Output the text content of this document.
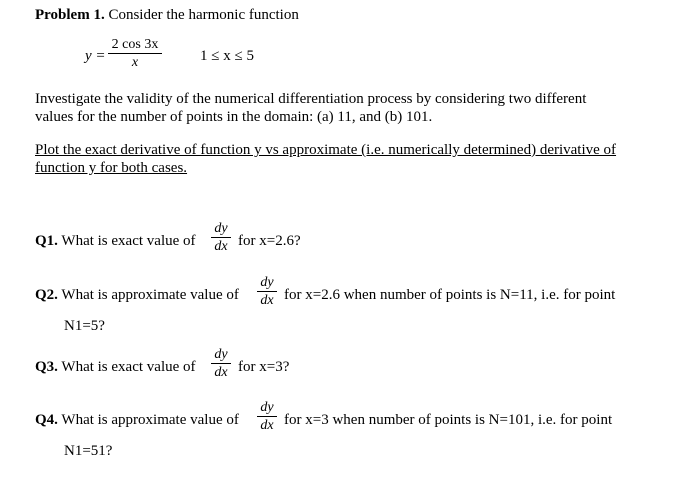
Problem 1. Consider the harmonic function
y =
2 cos 3x
x	1 ≤ x ≤ 5
Investigate the validity of the numerical differentiation process by considering two different
values for the number of points in the domain: (a) 11, and (b) 101.
Plot the exact derivative of function y vs approximate (i.e. numerically determined) derivative of
function y for both cases.
Q1. What is exact value of
dy
dx for x=2.6?
Q2. What is approximate value of
dy
dx for x=2.6 when number of points is N=11, i.e. for point
N1=5?
Q3. What is exact value of
dy
dx for x=3?
Q4. What is approximate value of
dy
dx for x=3 when number of points is N=101, i.e. for point
N1=51?
